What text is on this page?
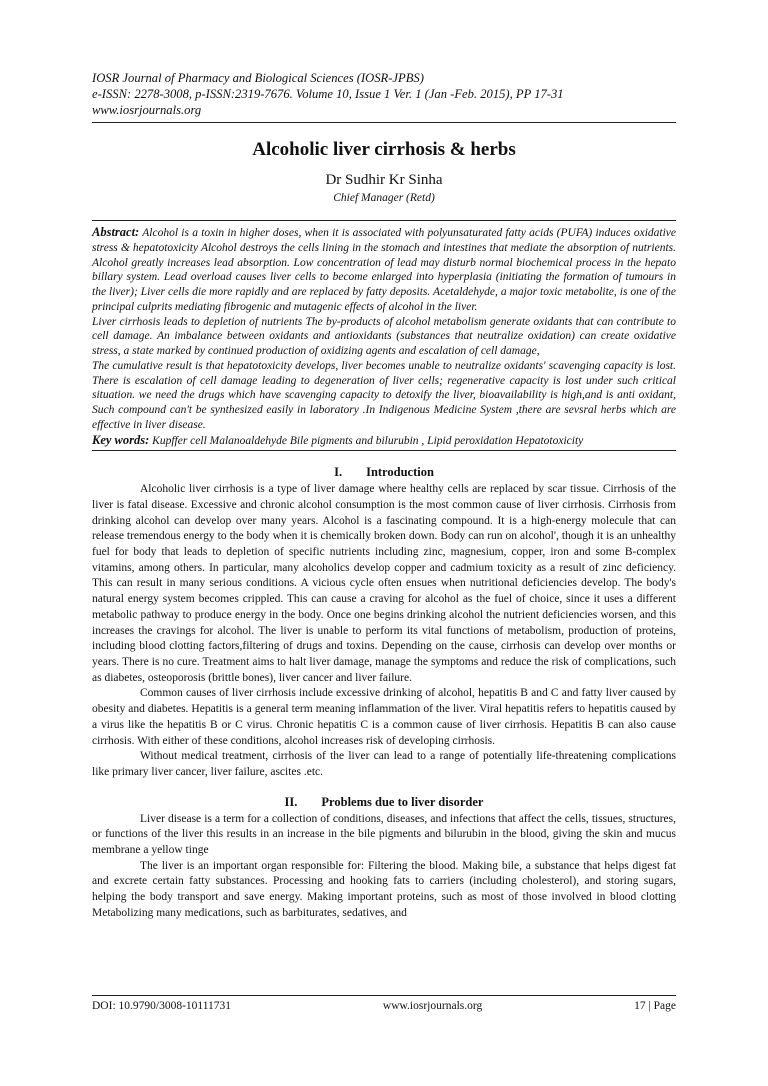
IOSR Journal of Pharmacy and Biological Sciences (IOSR-JPBS)
e-ISSN: 2278-3008, p-ISSN:2319-7676. Volume 10, Issue 1 Ver. 1 (Jan -Feb. 2015), PP 17-31
www.iosrjournals.org
Alcoholic liver cirrhosis & herbs
Dr Sudhir Kr Sinha
Chief Manager (Retd)

Abstract: Alcohol is a toxin in higher doses, when it is associated with polyunsaturated fatty acids (PUFA) induces oxidative stress & hepatotoxicity Alcohol destroys the cells lining in the stomach and intestines that mediate the absorption of nutrients. Alcohol greatly increases lead absorption. Low concentration of lead may disturb normal biochemical process in the hepato billary system. Lead overload causes liver cells to become enlarged into hyperplasia (initiating the formation of tumours in the liver); Liver cells die more rapidly and are replaced by fatty deposits. Acetaldehyde, a major toxic metabolite, is one of the principal culprits mediating fibrogenic and mutagenic effects of alcohol in the liver.

Liver cirrhosis leads to depletion of nutrients The by-products of alcohol metabolism generate oxidants that can contribute to cell damage. An imbalance between oxidants and antioxidants (substances that neutralize oxidation) can create oxidative stress, a state marked by continued production of oxidizing agents and escalation of cell damage,

The cumulative result is that hepatotoxicity develops, liver becomes unable to neutralize oxidants' scavenging capacity is lost. There is escalation of cell damage leading to degeneration of liver cells; regenerative capacity is lost under such critical situation. we need the drugs which have scavenging capacity to detoxify the liver, bioavailability is high,and is anti oxidant, Such compound can't be synthesized easily in laboratory .In Indigenous Medicine System ,there are sevsral herbs which are effective in liver disease.

Key words: Kupffer cell Malanoaldehyde Bile pigments and bilurubin , Lipid peroxidation Hepatotoxicity

I. Introduction

Alcoholic liver cirrhosis is a type of liver damage where healthy cells are replaced by scar tissue. Cirrhosis of the liver is fatal disease. Excessive and chronic alcohol consumption is the most common cause of liver cirrhosis. Cirrhosis from drinking alcohol can develop over many years. Alcohol is a fascinating compound. It is a high-energy molecule that can release tremendous energy to the body when it is chemically broken down. Body can run on alcohol', though it is an unhealthy fuel for body that leads to depletion of specific nutrients including zinc, magnesium, copper, iron and some B-complex vitamins, among others. In particular, many alcoholics develop copper and cadmium toxicity as a result of zinc deficiency. This can result in many serious conditions. A vicious cycle often ensues when nutritional deficiencies develop. The body's natural energy system becomes crippled. This can cause a craving for alcohol as the fuel of choice, since it uses a different metabolic pathway to produce energy in the body. Once one begins drinking alcohol the nutrient deficiencies worsen, and this increases the cravings for alcohol. The liver is unable to perform its vital functions of metabolism, production of proteins, including blood clotting factors,filtering of drugs and toxins. Depending on the cause, cirrhosis can develop over months or years. There is no cure. Treatment aims to halt liver damage, manage the symptoms and reduce the risk of complications, such as diabetes, osteoporosis (brittle bones), liver cancer and liver failure.

Common causes of liver cirrhosis include excessive drinking of alcohol, hepatitis B and C and fatty liver caused by obesity and diabetes. Hepatitis is a general term meaning inflammation of the liver. Viral hepatitis refers to hepatitis caused by a virus like the hepatitis B or C virus. Chronic hepatitis C is a common cause of liver cirrhosis. Hepatitis B can also cause cirrhosis. With either of these conditions, alcohol increases risk of developing cirrhosis.

Without medical treatment, cirrhosis of the liver can lead to a range of potentially life-threatening complications like primary liver cancer, liver failure, ascites .etc.

II. Problems due to liver disorder

Liver disease is a term for a collection of conditions, diseases, and infections that affect the cells, tissues, structures, or functions of the liver this results in an increase in the bile pigments and bilurubin in the blood, giving the skin and mucus membrane a yellow tinge

The liver is an important organ responsible for: Filtering the blood. Making bile, a substance that helps digest fat and excrete certain fatty substances. Processing and hooking fats to carriers (including cholesterol), and storing sugars, helping the body transport and save energy. Making important proteins, such as most of those involved in blood clotting Metabolizing many medications, such as barbiturates, sedatives, and

DOI: 10.9790/3008-10111731	www.iosrjournals.org	17 | Page
